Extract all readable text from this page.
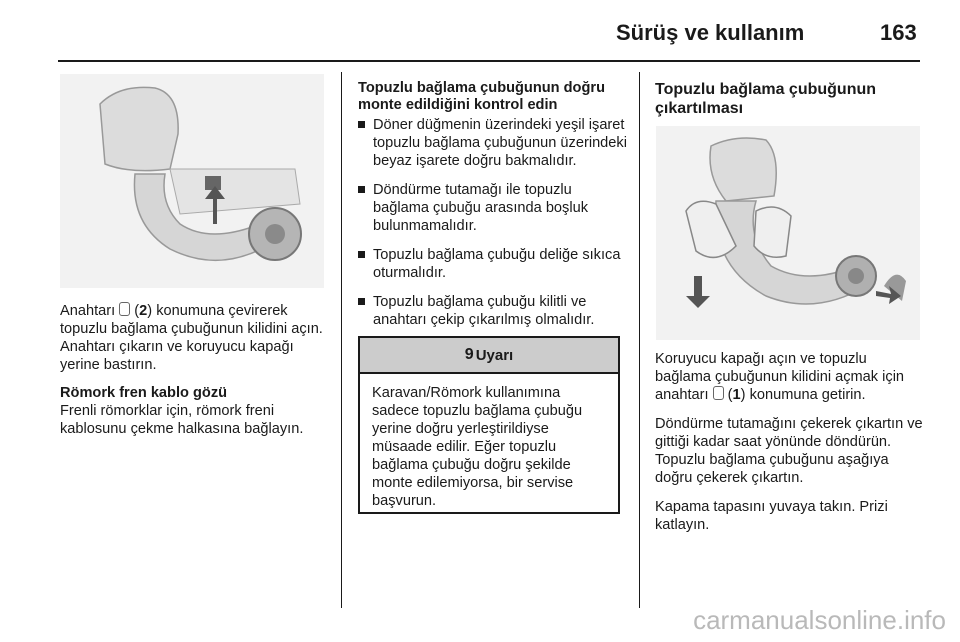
Sürüş ve kullanım	163

Anahtarı  (2) konumuna çevirerek topuzlu bağlama çubuğunun kilidini açın. Anahtarı çıkarın ve koruyucu kapağı yerine bastırın.

Römork fren kablo gözü

Frenli römorklar için, römork freni kablosunu çekme halkasına bağlayın.

Topuzlu bağlama çubuğunun doğru monte edildiğini kontrol edin
Döner düğmenin üzerindeki yeşil işaret topuzlu bağlama çubuğunun üzerindeki beyaz işarete doğru bakmalıdır.
Döndürme tutamağı ile topuzlu bağlama çubuğu arasında boşluk bulunmamalıdır.
Topuzlu bağlama çubuğu deliğe sıkıca oturmalıdır.
Topuzlu bağlama çubuğu kilitli ve anahtarı çekip çıkarılmış olmalıdır.
9 Uyarı
Karavan/Römork kullanımına sadece topuzlu bağlama çubuğu yerine doğru yerleştirildiyse müsaade edilir. Eğer topuzlu bağlama çubuğu doğru şekilde monte edilemiyorsa, bir servise başvurun.
Topuzlu bağlama çubuğunun çıkartılması

Koruyucu kapağı açın ve topuzlu bağlama çubuğunun kilidini açmak için anahtarı  (1) konumuna getirin.

Döndürme tutamağını çekerek çıkartın ve gittiği kadar saat yönünde döndürün. Topuzlu bağlama çubuğunu aşağıya doğru çekerek çıkartın.

Kapama tapasını yuvaya takın. Prizi katlayın.

carmanualsonline.info
